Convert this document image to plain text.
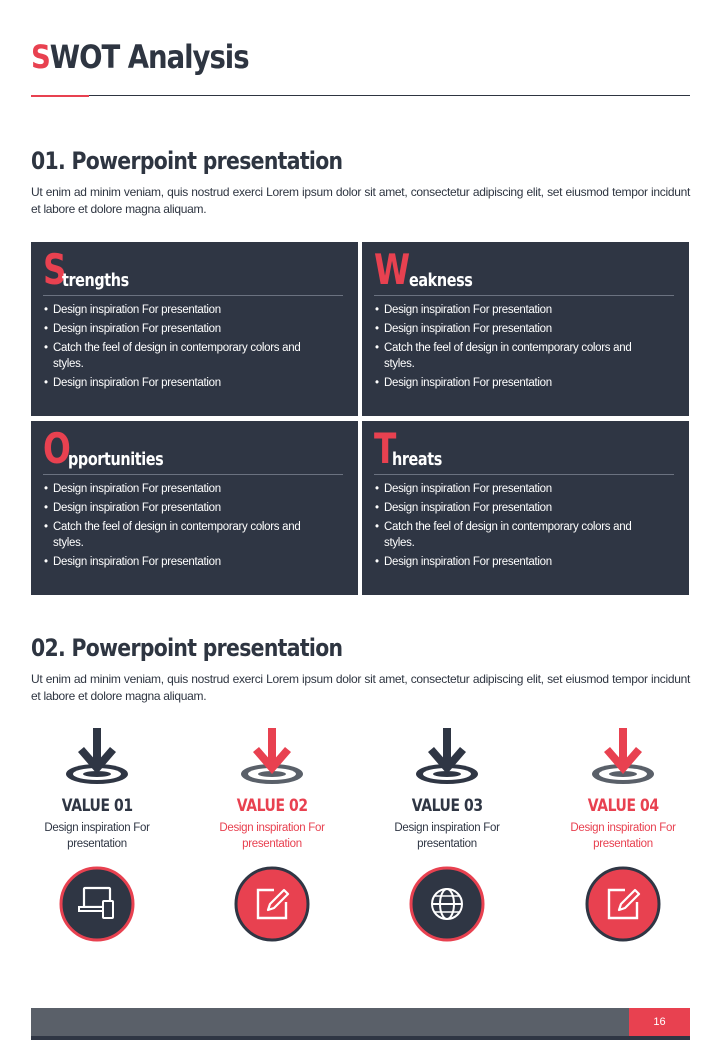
SWOT Analysis
01. Powerpoint presentation

Ut enim ad minim veniam, quis nostrud exerci Lorem ipsum dolor sit amet, consectetur adipiscing elit, set eiusmod tempor incidunt et labore et dolore magna aliquam.

Strengths
• Design inspiration For presentation
• Design inspiration For presentation
• Catch the feel of design in contemporary colors and styles.
• Design inspiration For presentation
Weakness
• Design inspiration For presentation
• Design inspiration For presentation
• Catch the feel of design in contemporary colors and styles.
• Design inspiration For presentation
Opportunities
• Design inspiration For presentation
• Design inspiration For presentation
• Catch the feel of design in contemporary colors and styles.
• Design inspiration For presentation
Threats
• Design inspiration For presentation
• Design inspiration For presentation
• Catch the feel of design in contemporary colors and styles.
• Design inspiration For presentation
02. Powerpoint presentation

Ut enim ad minim veniam, quis nostrud exerci Lorem ipsum dolor sit amet, consectetur adipiscing elit, set eiusmod tempor incidunt et labore et dolore magna aliquam.

VALUE 01
Design inspiration For presentation
VALUE 02
Design inspiration For presentation
VALUE 03
Design inspiration For presentation
VALUE 04
Design inspiration For presentation
16
